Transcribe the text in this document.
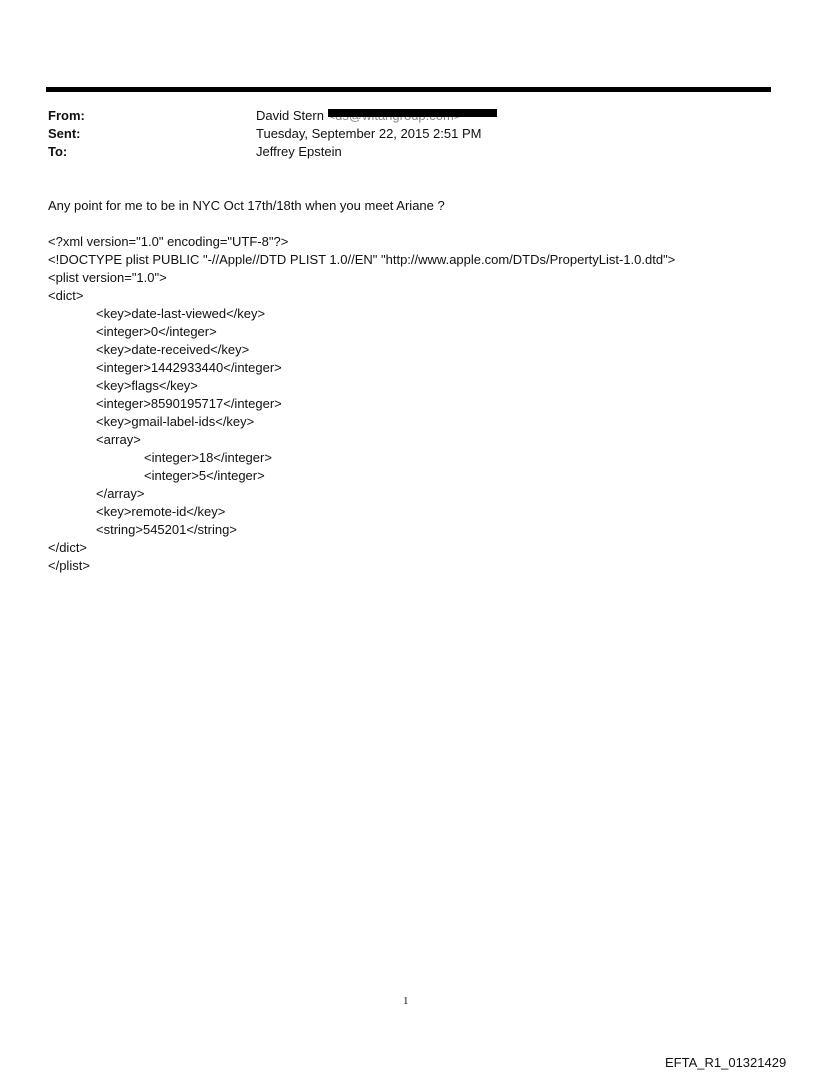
From:	David Stern
Sent:	Tuesday, September 22, 2015 2:51 PM
To:	Jeffrey Epstein
Any point for me to be in NYC Oct 17th/18th when you meet Ariane ?
<?xml version="1.0" encoding="UTF-8"?>
<!DOCTYPE plist PUBLIC "-//Apple//DTD PLIST 1.0//EN" "http://www.apple.com/DTDs/PropertyList-1.0.dtd">
<plist version="1.0">
<dict>
<key>date-last-viewed</key>
<integer>0</integer>
<key>date-received</key>
<integer>1442933440</integer>
<key>flags</key>
<integer>8590195717</integer>
<key>gmail-label-ids</key>
<array>
<integer>18</integer>
<integer>5</integer>
</array>
<key>remote-id</key>
<string>545201</string>
</dict>
</plist>
1
EFTA_R1_01321429
